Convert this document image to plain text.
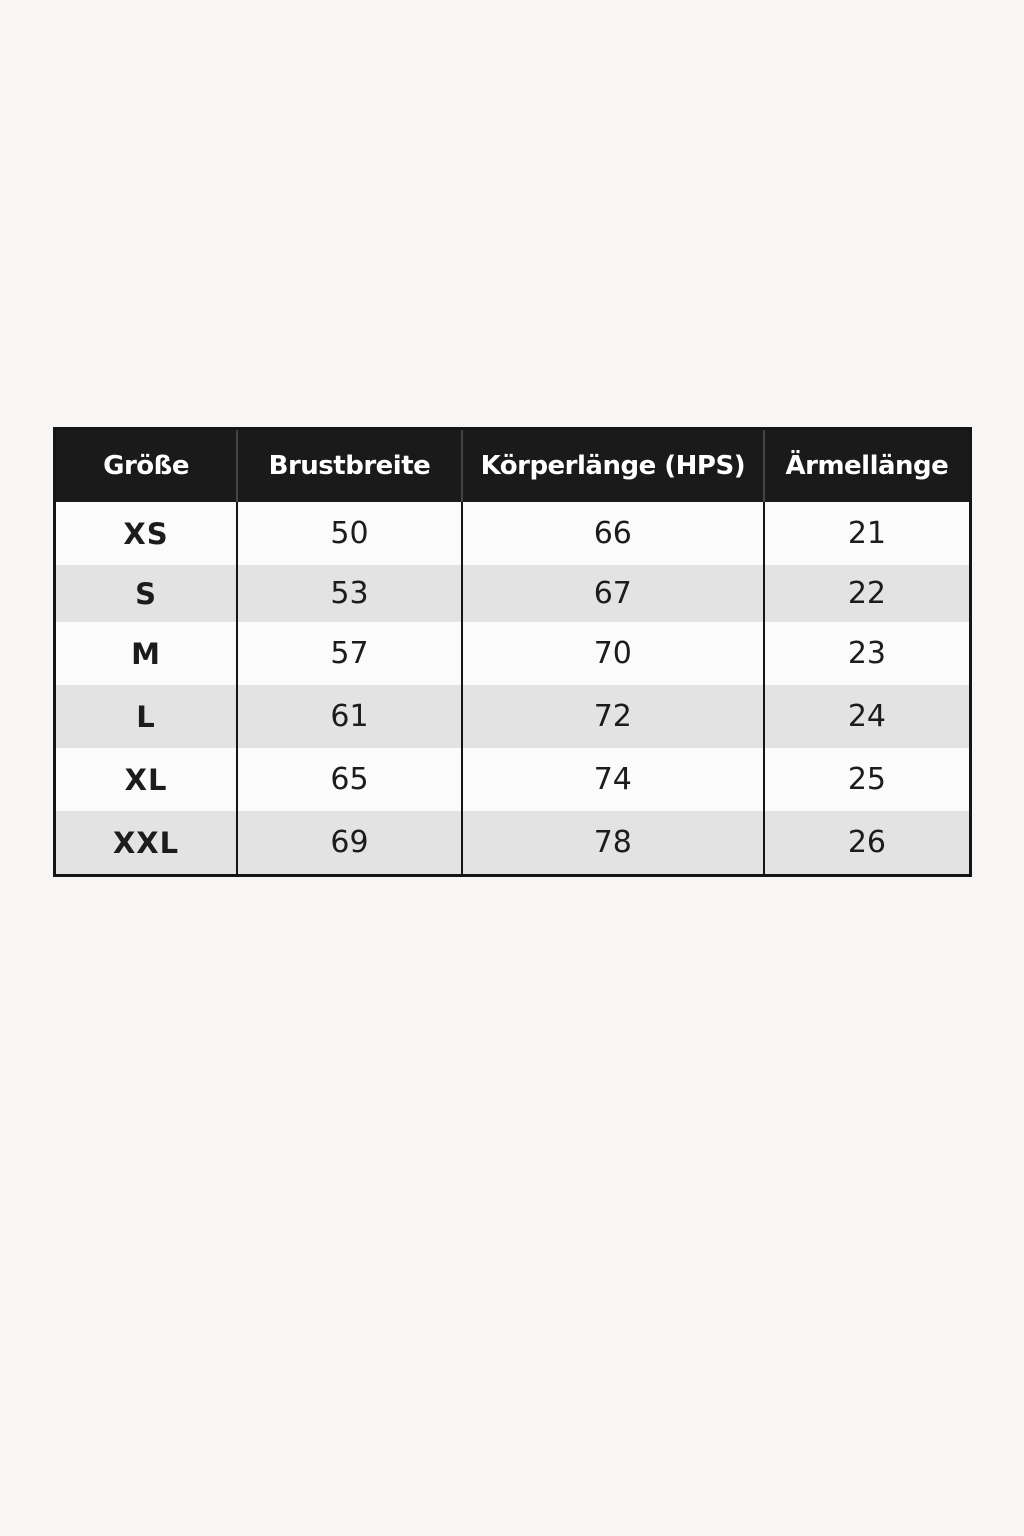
Größe	Brustbreite	Körperlänge (HPS)	Ärmellänge
XS	50	66	21
S	53	67	22
M	57	70	23
L	61	72	24
XL	65	74	25
XXL	69	78	26
